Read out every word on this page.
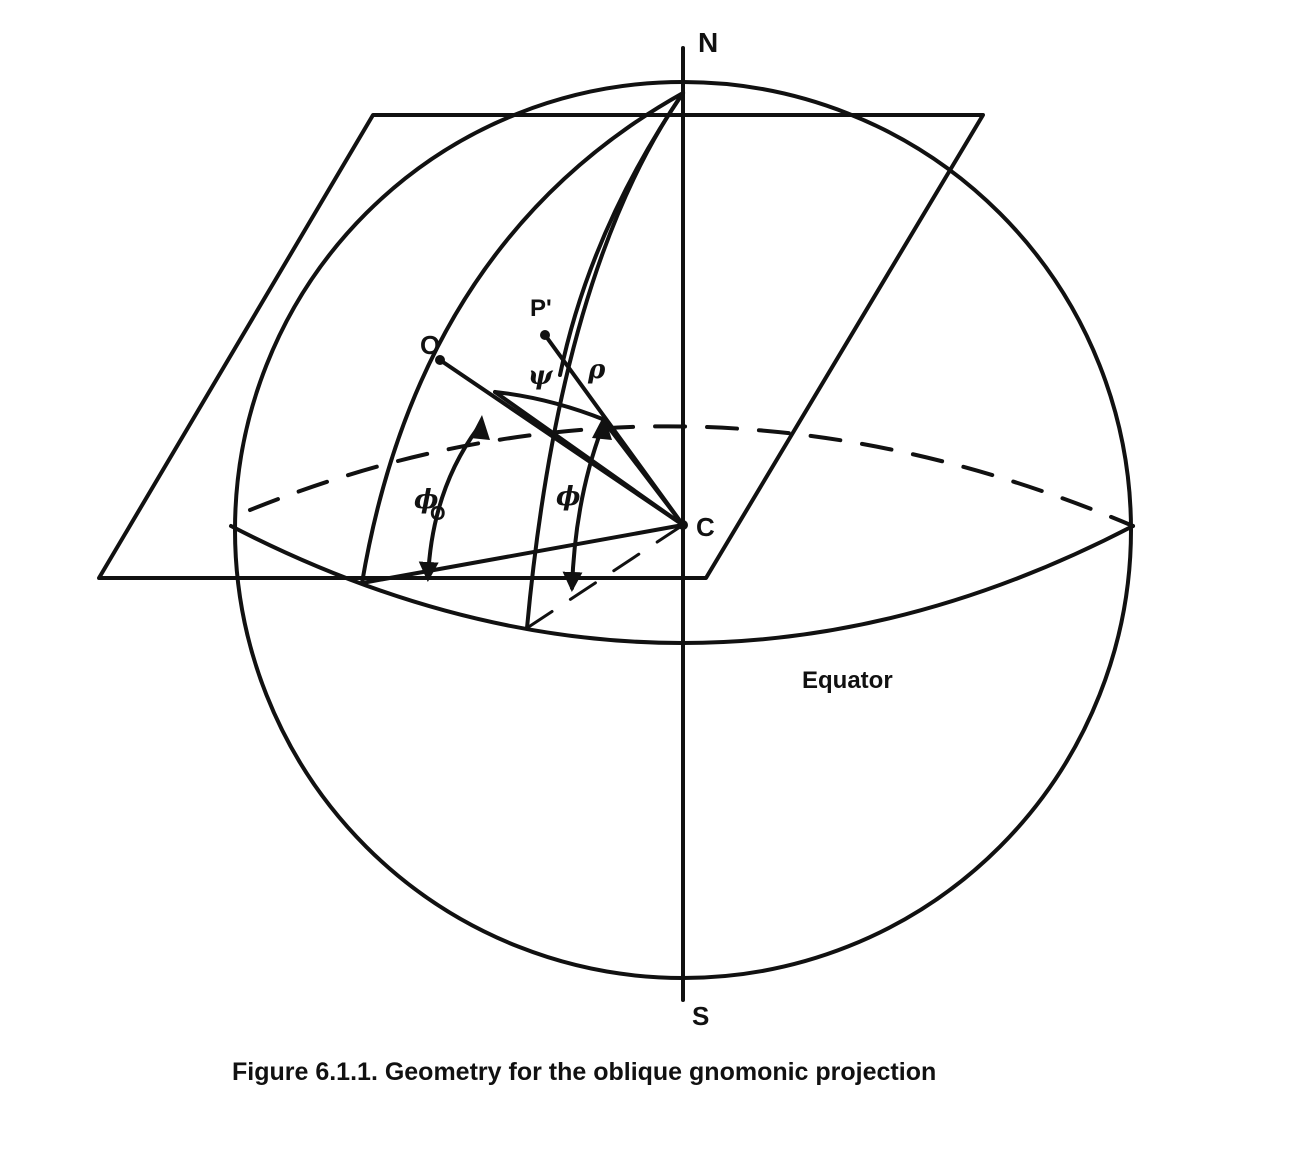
N
S
C
O
P'
ψ ρ
ϕ
O
ϕ
Equator
Figure 6.1.1. Geometry for the oblique gnomonic projection
